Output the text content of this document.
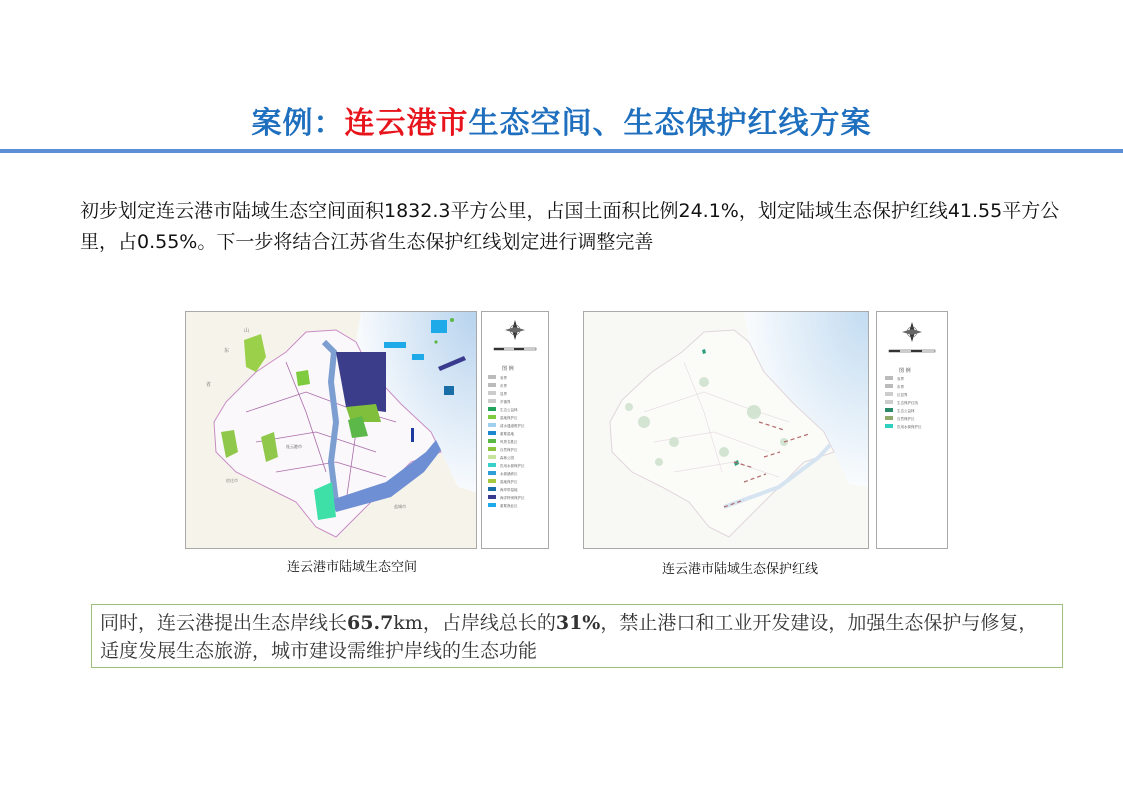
案例：连云港市生态空间、生态保护红线方案
初步划定连云港市陆域生态空间面积1832.3平方公里，占国土面积比例24.1%，划定陆域生态保护红线41.55平方公里，占0.55%。下一步将结合江苏省生态保护红线划定进行调整完善
山
东
省
连云港市
宿迁市
盐城市
图 例
省界
市界
县界
乡镇界
生态公益林
湿地保护区
清水通道维护区
重要湿地
风景名胜区
自然保护区
森林公园
饮用水源保护区
水源涵养区
湿地保护区
海岸带湿地
海洋特别保护区
重要渔业区
图 例
省界
市界
区县界
生态保护红线
生态公益林
自然保护区
饮用水源保护区
连云港市陆域生态空间	连云港市陆域生态保护红线
同时，连云港提出生态岸线长65.7km，占岸线总长的31%，禁止港口和工业开发建设，加强生态保护与修复，适度发展生态旅游，城市建设需维护岸线的生态功能
